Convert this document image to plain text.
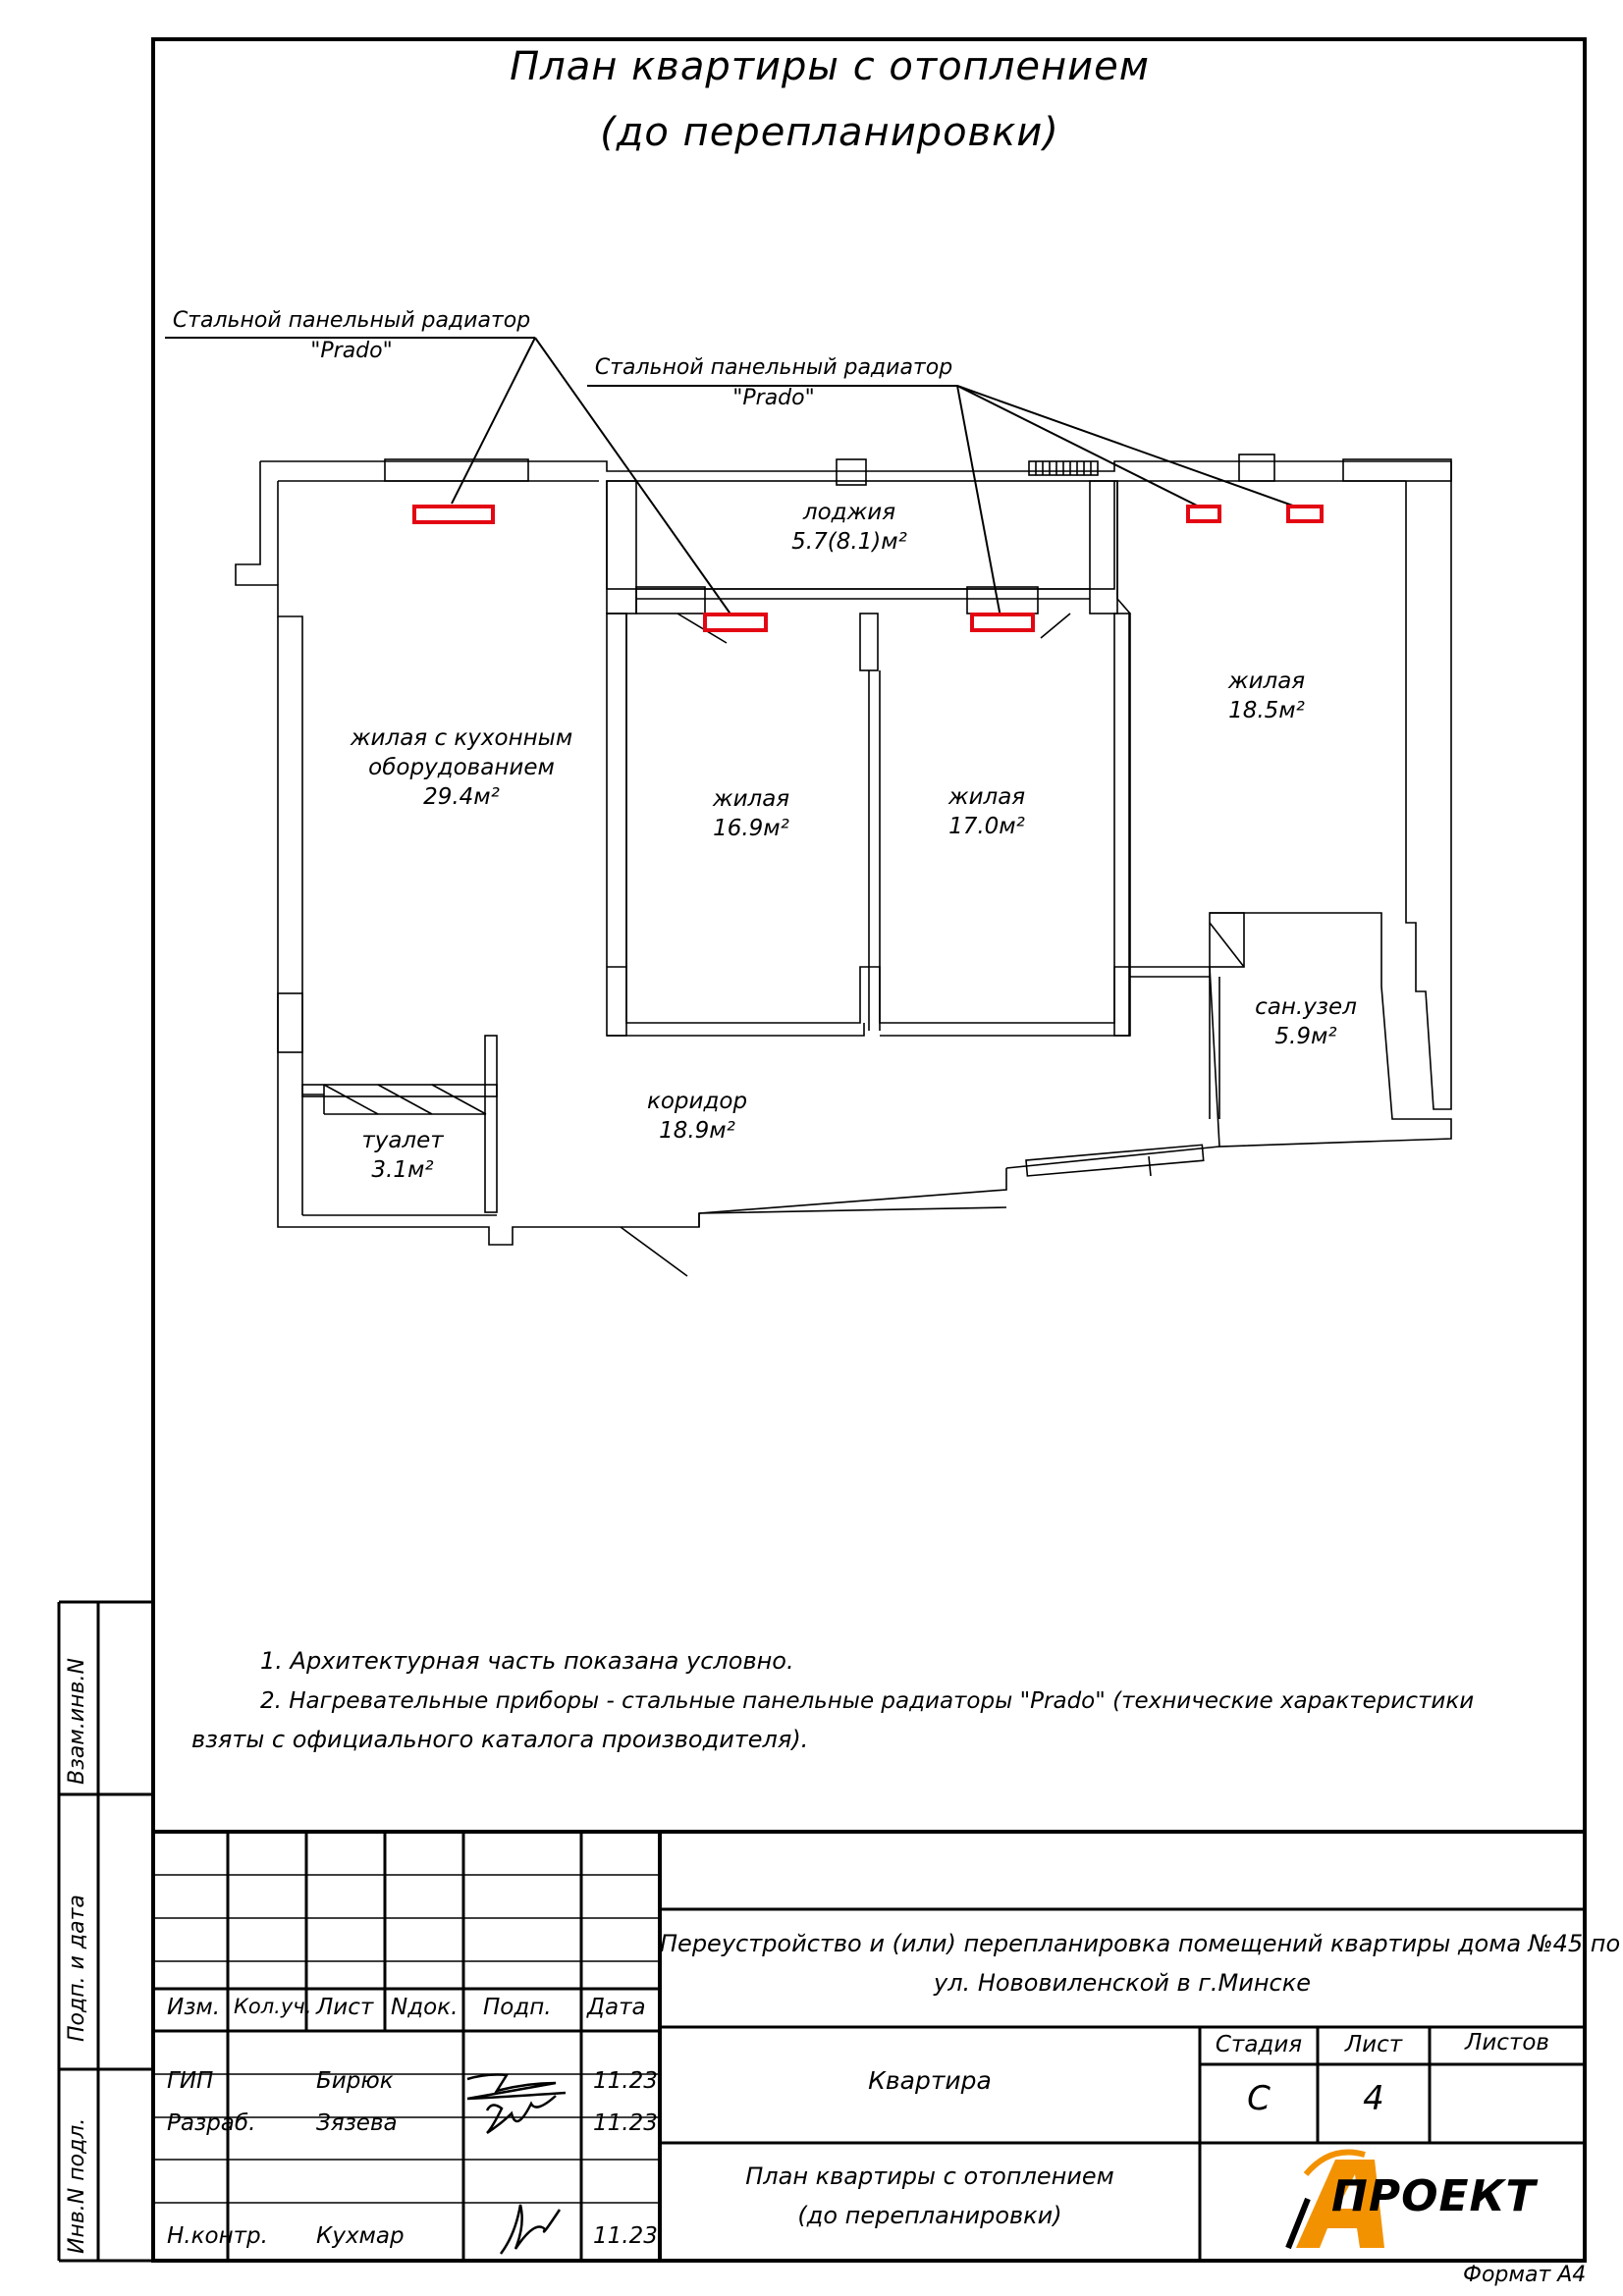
План квартиры с отоплением
(до перепланировки)
Стальной панельный радиатор
"Prado"
Стальной панельный радиатор
"Prado"
лоджия
5.7(8.1)м²
жилая с кухонным
оборудованием
29.4м²	жилая
16.9м²
жилая
17.0м²
жилая
18.5м²
сан.узел
5.9м²
коридор
18.9м²
туалет
3.1м²
1. Архитектурная часть показана условно.
2. Нагревательные приборы - стальные панельные радиаторы "Prado" (технические характеристики
взяты с официального каталога производителя).
Взам.инв.N
Подп. и дата
Инв.N подл.
Изм. Кол.уч. Лист Nдок. Подп. Дата
ГИП	Бирюк	11.23
Разраб.	Зязева	11.23
Н.контр. Кухмар	11.23
Переустройство и (или) перепланировка помещений квартиры дома №45 по
ул. Нововиленской в г.Минске
Квартира
План квартиры с отоплением
(до перепланировки)
Стадия	Лист	Листов
С	4
ПРОЕКТ
Формат А4
